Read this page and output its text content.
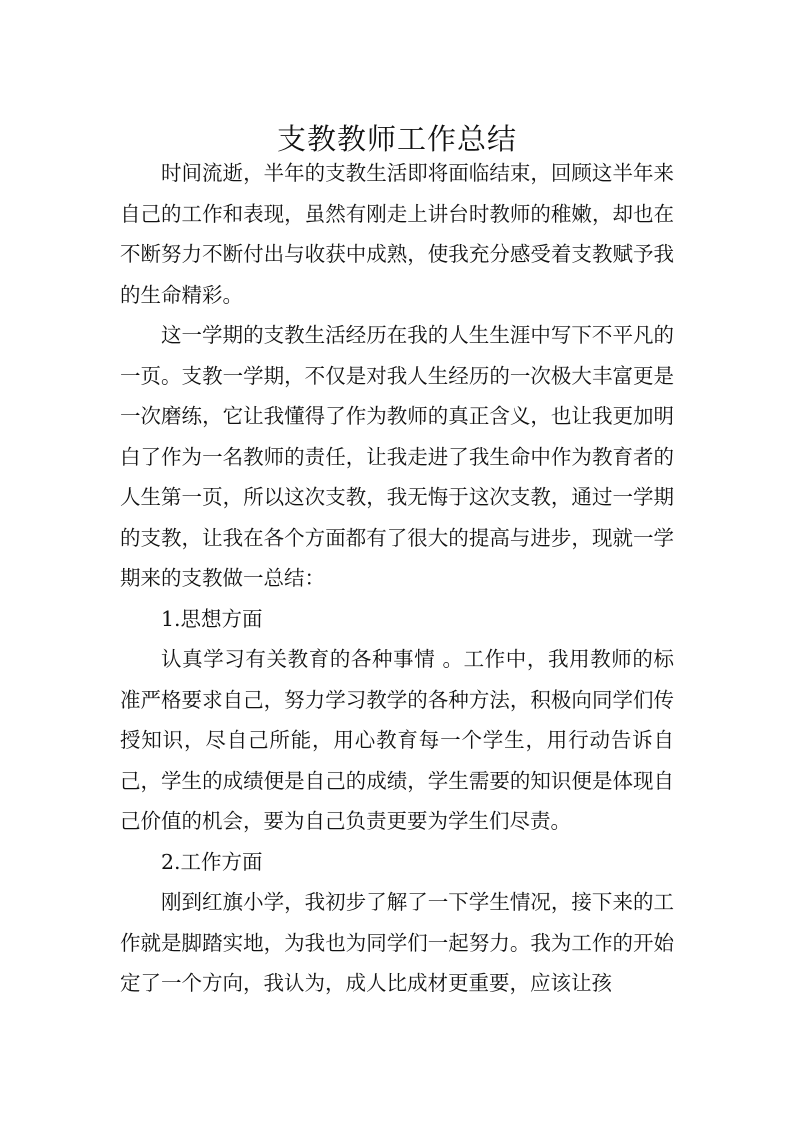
支教教师工作总结

时间流逝，半年的支教生活即将面临结束，回顾这半年来自己的工作和表现，虽然有刚走上讲台时教师的稚嫩，却也在不断努力不断付出与收获中成熟，使我充分感受着支教赋予我的生命精彩。

这一学期的支教生活经历在我的人生生涯中写下不平凡的一页。支教一学期，不仅是对我人生经历的一次极大丰富更是一次磨练，它让我懂得了作为教师的真正含义，也让我更加明白了作为一名教师的责任，让我走进了我生命中作为教育者的人生第一页，所以这次支教，我无悔于这次支教，通过一学期的支教，让我在各个方面都有了很大的提高与进步，现就一学期来的支教做一总结：

1.思想方面

认真学习有关教育的各种事情 。工作中，我用教师的标准严格要求自己，努力学习教学的各种方法，积极向同学们传授知识，尽自己所能，用心教育每一个学生，用行动告诉自己，学生的成绩便是自己的成绩，学生需要的知识便是体现自己价值的机会，要为自己负责更要为学生们尽责。

2.工作方面

刚到红旗小学，我初步了解了一下学生情况，接下来的工作就是脚踏实地，为我也为同学们一起努力。我为工作的开始定了一个方向，我认为，成人比成材更重要，应该让孩
